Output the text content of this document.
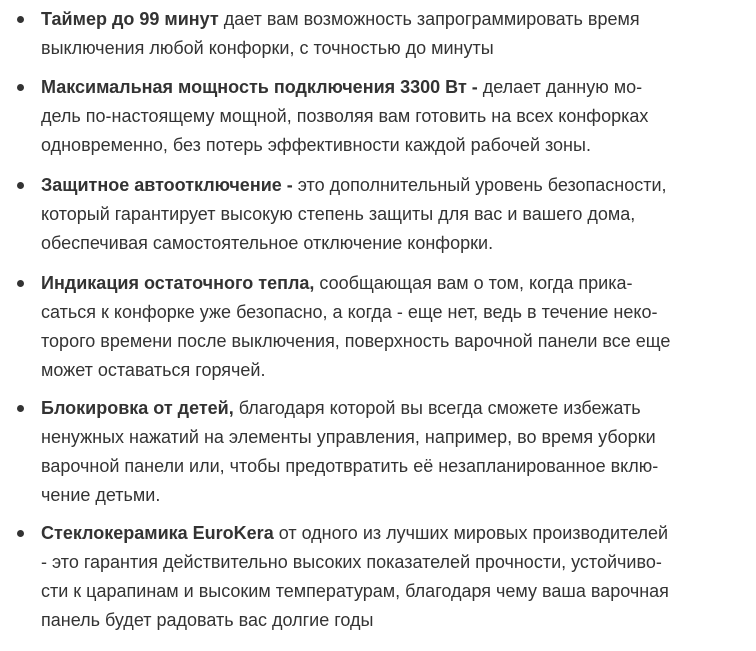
Таймер до 99 минут дает вам возможность запрограммировать время
выключения любой конфорки, с точностью до минуты
Максимальная мощность подключения 3300 Вт - делает данную мо-
дель по-настоящему мощной, позволяя вам готовить на всех конфорках
одновременно, без потерь эффективности каждой рабочей зоны.
Защитное автоотключение - это дополнительный уровень безопасности,
который гарантирует высокую степень защиты для вас и вашего дома,
обеспечивая самостоятельное отключение конфорки.
Индикация остаточного тепла, сообщающая вам о том, когда прика-
саться к конфорке уже безопасно, а когда - еще нет, ведь в течение неко-
торого времени после выключения, поверхность варочной панели все еще
может оставаться горячей.
Блокировка от детей, благодаря которой вы всегда сможете избежать
ненужных нажатий на элементы управления, например, во время уборки
варочной панели или, чтобы предотвратить её незапланированное вклю-
чение детьми.
Стеклокерамика EuroKera от одного из лучших мировых производителей
- это гарантия действительно высоких показателей прочности, устойчиво-
сти к царапинам и высоким температурам, благодаря чему ваша варочная
панель будет радовать вас долгие годы
